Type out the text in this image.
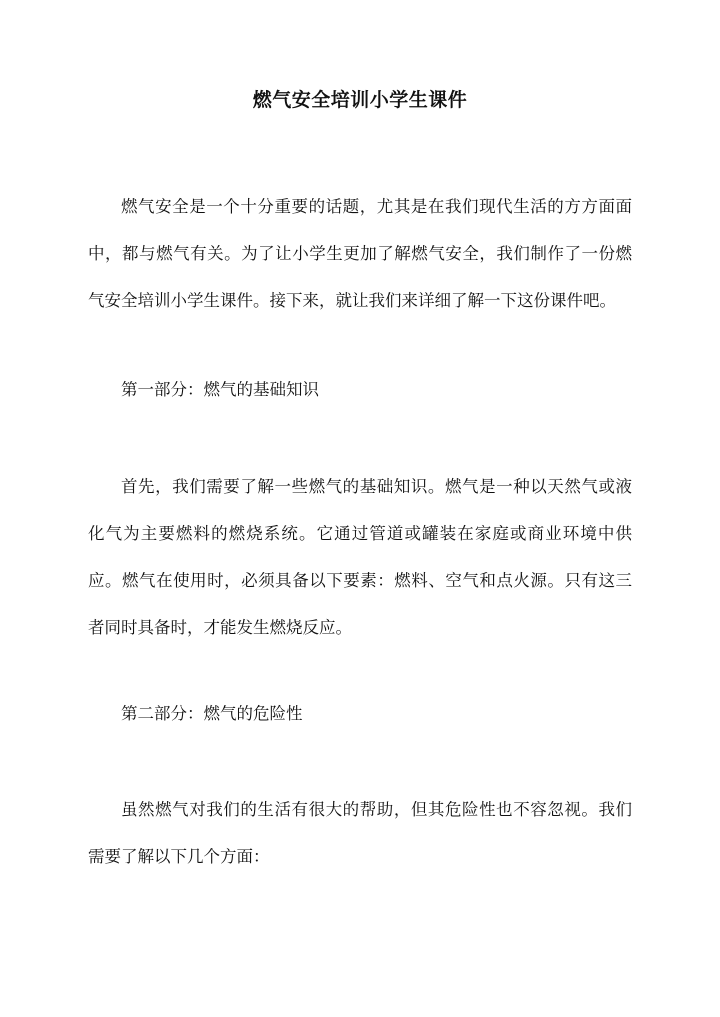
燃气安全培训小学生课件

燃气安全是一个十分重要的话题，尤其是在我们现代生活的方方面面中，都与燃气有关。为了让小学生更加了解燃气安全，我们制作了一份燃气安全培训小学生课件。接下来，就让我们来详细了解一下这份课件吧。

第一部分：燃气的基础知识

首先，我们需要了解一些燃气的基础知识。燃气是一种以天然气或液化气为主要燃料的燃烧系统。它通过管道或罐装在家庭或商业环境中供应。燃气在使用时，必须具备以下要素：燃料、空气和点火源。只有这三者同时具备时，才能发生燃烧反应。

第二部分：燃气的危险性

虽然燃气对我们的生活有很大的帮助，但其危险性也不容忽视。我们需要了解以下几个方面：
